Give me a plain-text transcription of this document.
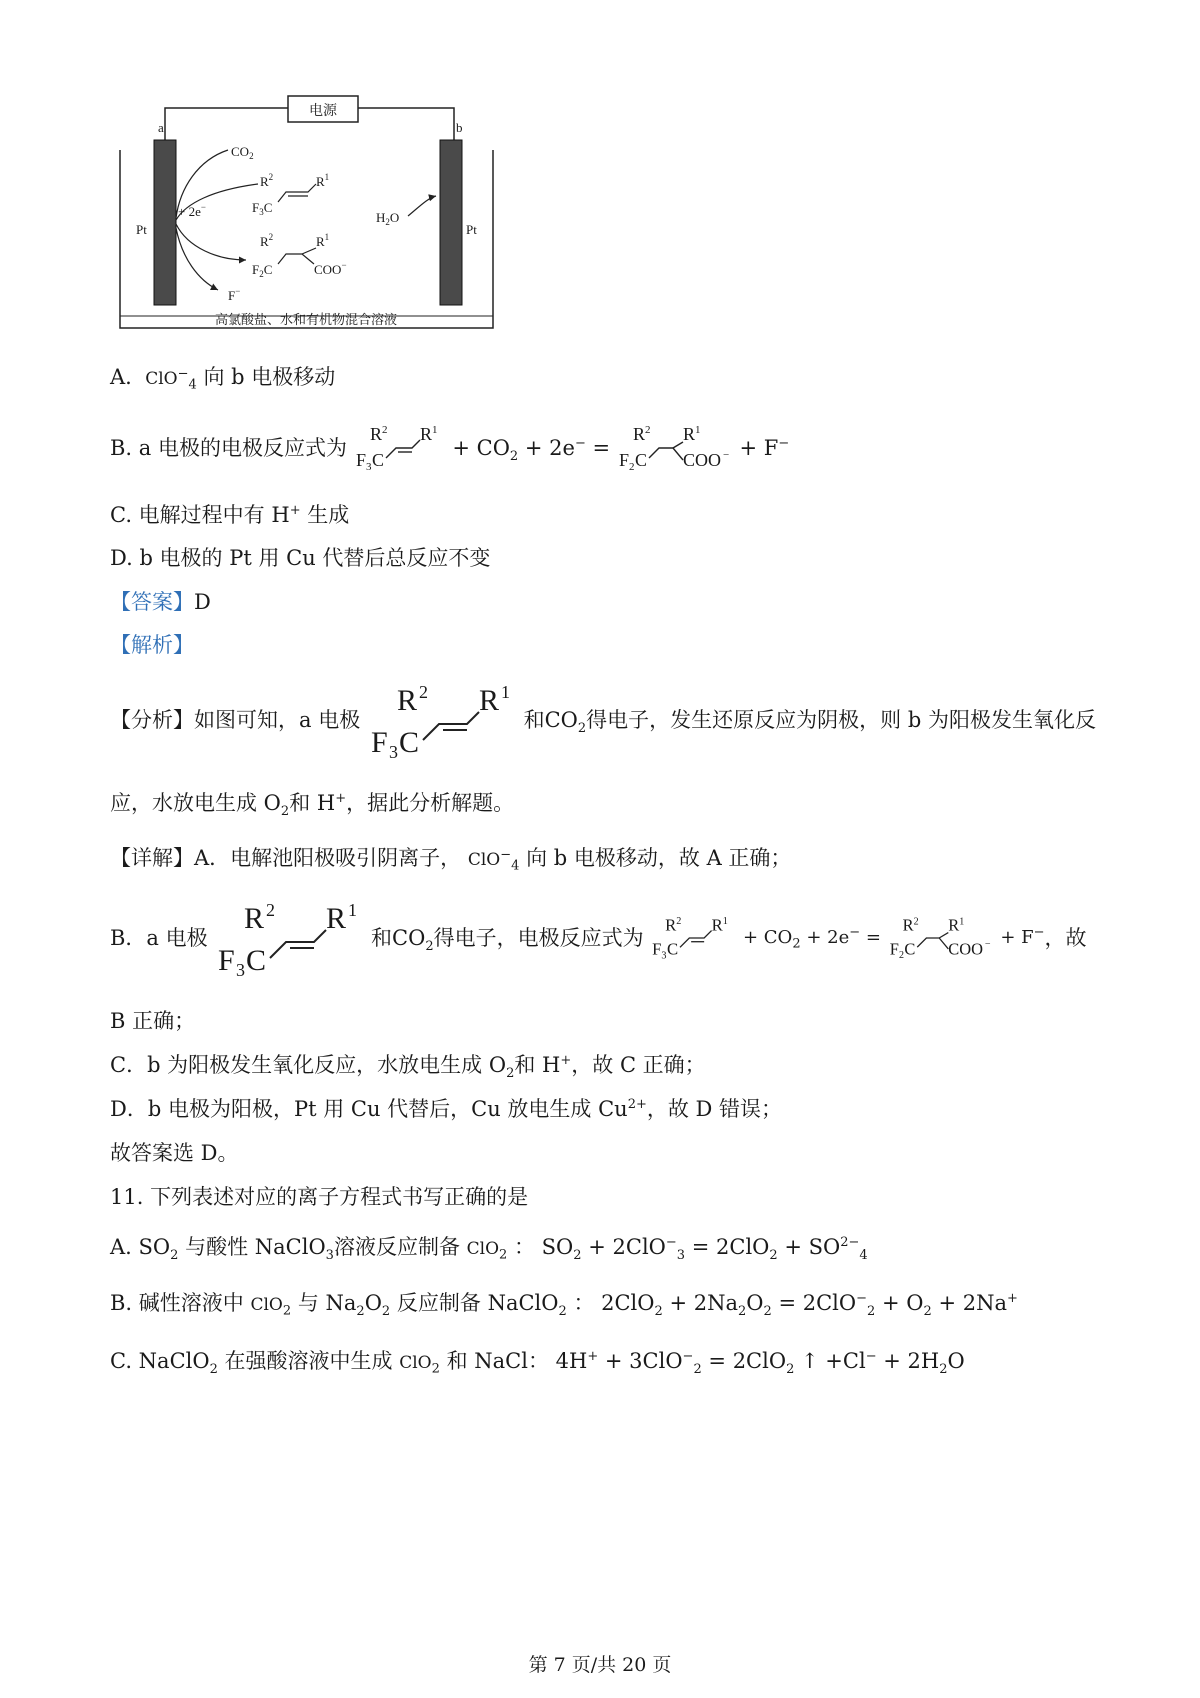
电源
a	b
Pt	Pt
$CO_2$
+ 2e−
$R^2$	$R^1$
$F_3C$
$R^2$	$R^1$
$F_2C$	COO−
F−
$H_2O$
高氯酸盐、水和有机物混合溶液
A. ClO−$_4$ 向 b 电极移动
B. a 电极的电极反应式为
R 2 R 1
F 3 C	+ $CO_2 + 2e^-$ =
R 2 R 1
F 2 C COO − + F−
C. 电解过程中有 H+ 生成
D. b 电极的 Pt 用 Cu 代替后总反应不变
【答案】D
【解析】
【分析】如图可知，a 电极
R 2 R 1
F 3 C
和$CO_2$得电子，发生还原反应为阴极，则 b 为阳极发生氧化反
应，水放电生成 $O_2$和 H+，据此分析解题。
【详解】A．电解池阳极吸引阴离子， ClO−$_4$ 向 b 电极移动，故 A 正确；
B．a 电极
R 2 R 1
F 3 C
和$CO_2$得电子，电极反应式为
R 2 R 1
F 3 C
+ $CO_2 + 2e^-$ =
R 2 R 1
F 2 C COO − + F−，故
B 正确；
C．b 为阳极发生氧化反应，水放电生成 $O_2$和 H+，故 C 正确；
D．b 电极为阳极，Pt 用 Cu 代替后，Cu 放电生成 $Cu^{2+}$，故 D 错误；
故答案选 D。
11. 下列表述对应的离子方程式书写正确的是
A. $SO_2$ 与酸性 NaClO$_3$溶液反应制备 ClO$_2$ ： $SO_2 + 2ClO^-_3 = 2ClO_2 + SO^{2-}_4$
B. 碱性溶液中 ClO$_2$ 与 $Na_2O_2$ 反应制备 NaClO$_2$ ： $2ClO_2 + 2Na_2O_2 = 2ClO^-_2 + O_2 + 2Na^+$
C. NaClO$_2$ 在强酸溶液中生成 ClO$_2$ 和 NaCl： 4H+ + 3ClO−$_2$ = 2ClO$_2$ ↑ $+Cl^- + 2H_2O$
第 7 页/共 20 页
